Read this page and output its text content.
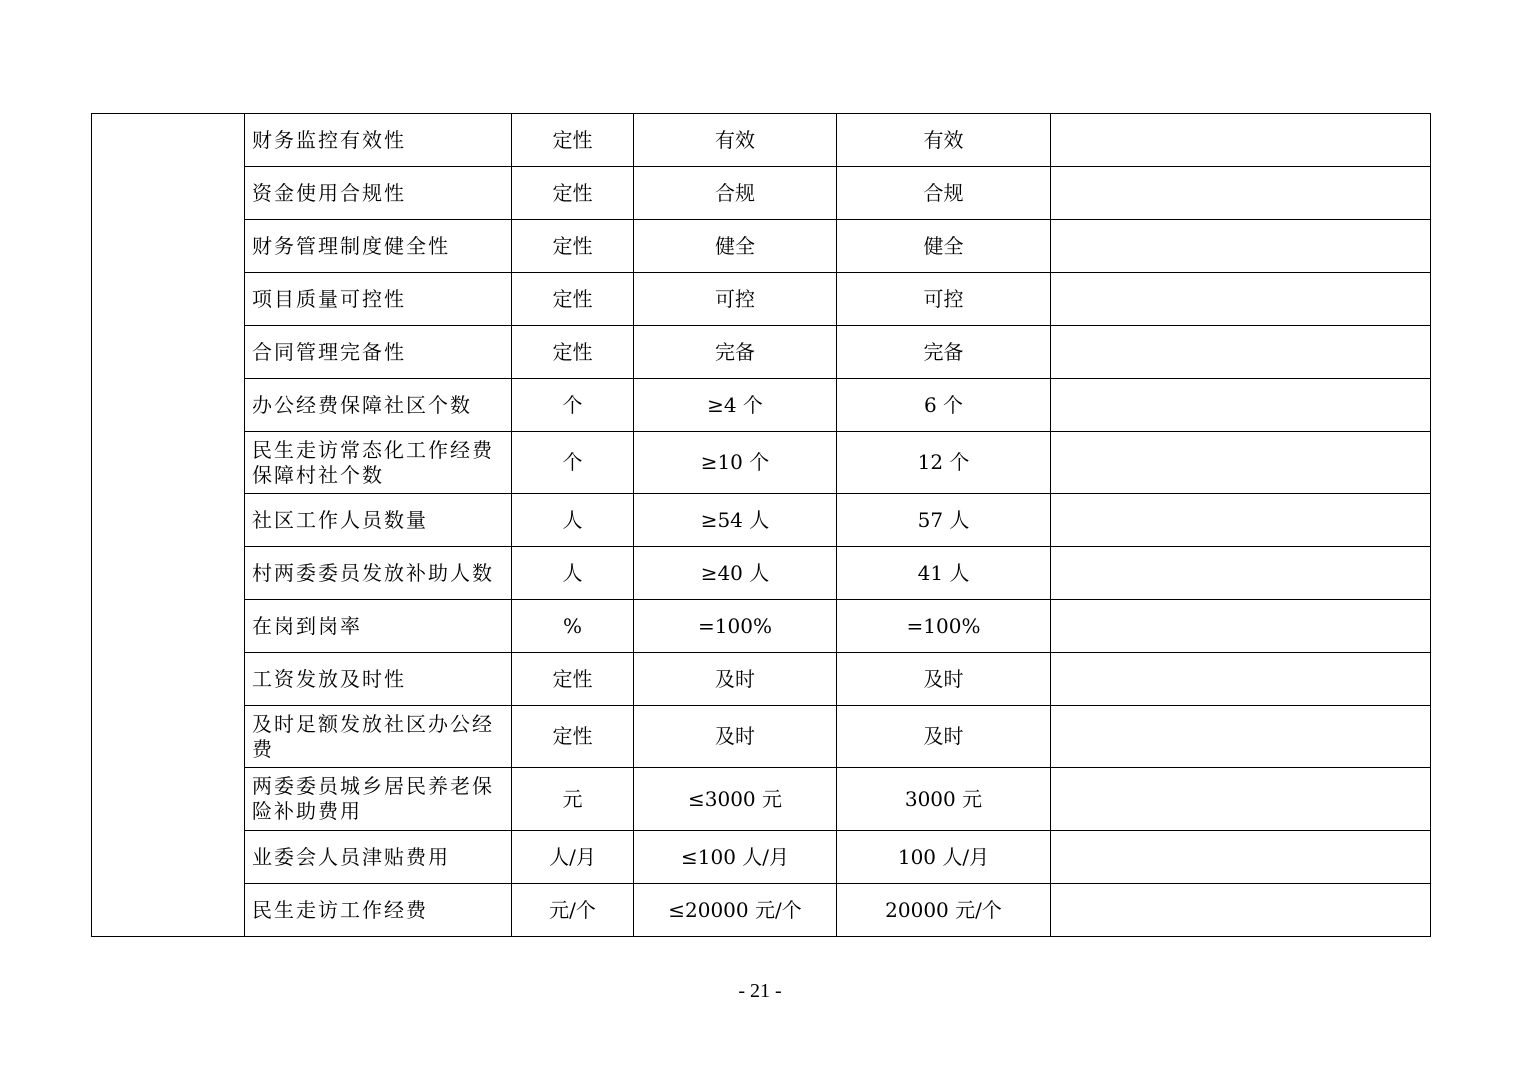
	财务监控有效性	定性	有效	有效	
	资金使用合规性	定性	合规	合规	
	财务管理制度健全性	定性	健全	健全	
	项目质量可控性	定性	可控	可控	
	合同管理完备性	定性	完备	完备	
	办公经费保障社区个数	个	≥4 个	6 个	
	民生走访常态化工作经费保障村社个数	个	≥10 个	12 个	
	社区工作人员数量	人	≥54 人	57 人	
	村两委委员发放补助人数	人	≥40 人	41 人	
	在岗到岗率	%	=100%	=100%	
	工资发放及时性	定性	及时	及时	
	及时足额发放社区办公经费	定性	及时	及时	
	两委委员城乡居民养老保险补助费用	元	≤3000 元	3000 元	
	业委会人员津贴费用	人/月	≤100 人/月	100 人/月	
	民生走访工作经费	元/个	≤20000 元/个	20000 元/个	
- 21 -
